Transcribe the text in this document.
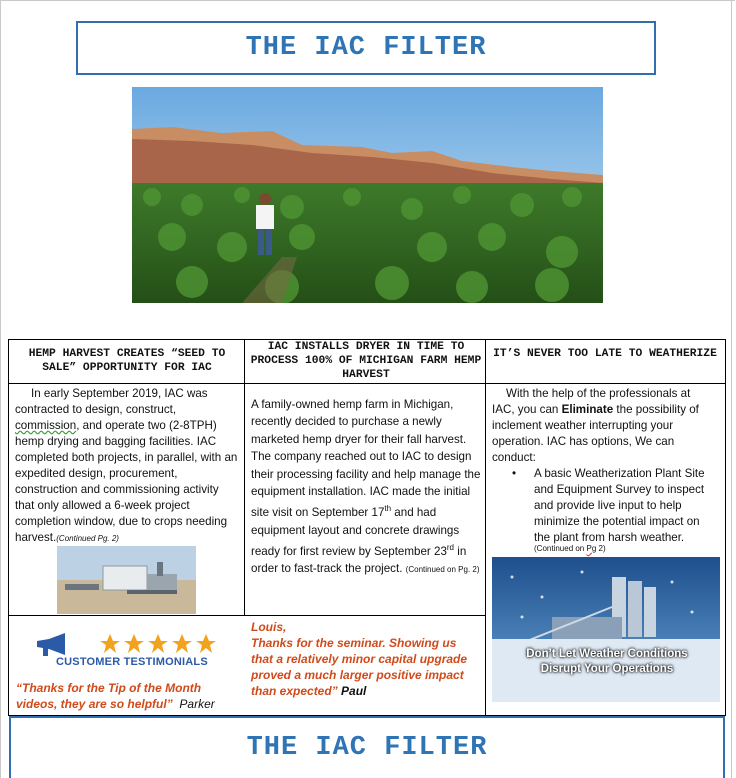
THE IAC FILTER
HEMP HARVEST CREATES “SEED TO SALE” OPPORTUNITY FOR IAC
In early September 2019, IAC was contracted to design, construct, commission, and operate two (2-8TPH) hemp drying and bagging facilities. IAC completed both projects, in parallel, with an expedited design, procurement, construction and commissioning activity that only allowed a 6-week project completion window, due to crops needing harvest.(Continued Pg. 2)
IAC INSTALLS DRYER IN TIME TO PROCESS 100% OF MICHIGAN FARM HEMP HARVEST
A family-owned hemp farm in Michigan, recently decided to purchase a newly marketed hemp dryer for their fall harvest. The company reached out to IAC to design their processing facility and help manage the equipment installation. IAC made the initial site visit on September 17th and had equipment layout and concrete drawings ready for first review by September 23rd in order to fast-track the project. (Continued on Pg. 2)
IT’S NEVER TOO LATE TO WEATHERIZE
With the help of the professionals at IAC, you can Eliminate the possibility of inclement weather interrupting your operation. IAC has options, We can conduct:
•	A basic Weatherization Plant Site and Equipment Survey to inspect and provide live input to help minimize the potential impact on the plant from harsh weather.
(Continued on Pg 2)
Don’t Let Weather Conditions Disrupt Your Operations
CUSTOMER TESTIMONIALS
“Thanks for the Tip of the Month videos, they are so helpful” Parker
Louis,
Thanks for the seminar. Showing us that a relatively minor capital upgrade proved a much larger positive impact than expected” Paul
THE IAC FILTER
